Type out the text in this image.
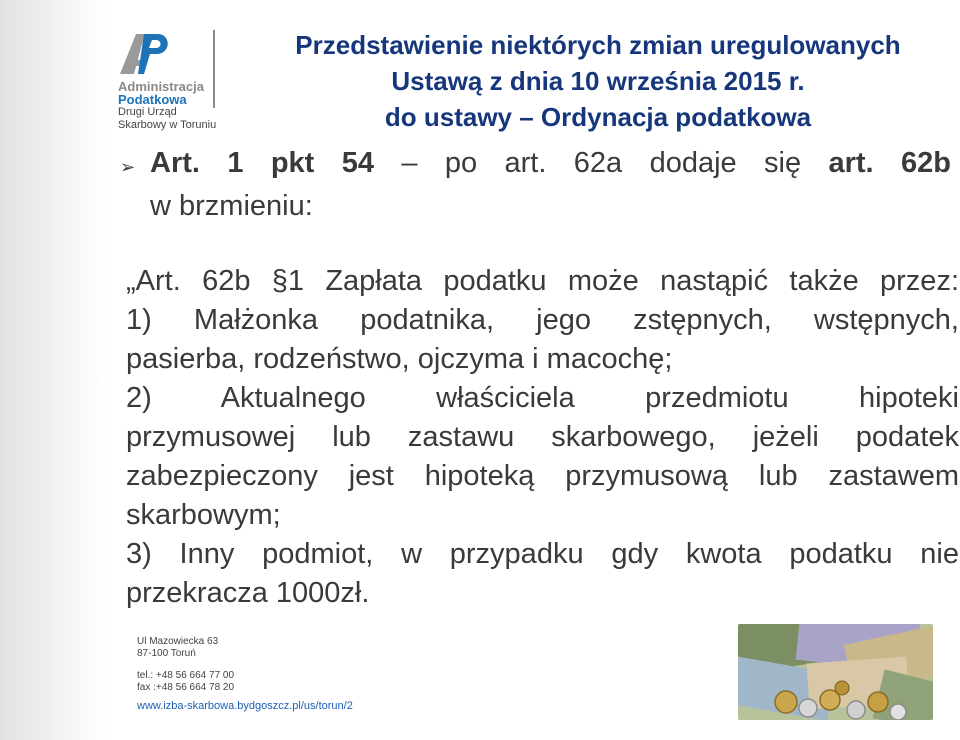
Administracja
Podatkowa
Drugi Urząd
Skarbowy w Toruniu
Przedstawienie niektórych zmian uregulowanych
Ustawą z dnia 10 września 2015 r.
do ustawy – Ordynacja podatkowa
➢ Art. 1 pkt 54 – po art. 62a dodaje się art. 62b
w brzmieniu:
„Art. 62b §1 Zapłata podatku może nastąpić także przez:
1) Małżonka podatnika, jego zstępnych, wstępnych,
pasierba, rodzeństwo, ojczyma i macochę;
2) Aktualnego właściciela przedmiotu hipoteki
przymusowej lub zastawu skarbowego, jeżeli podatek
zabezpieczony jest hipoteką przymusową lub zastawem
skarbowym;
3) Inny podmiot, w przypadku gdy kwota podatku nie
przekracza 1000zł.
Ul Mazowiecka 63
87-100 Toruń
tel.: +48 56 664 77 00
fax :+48 56 664 78 20
www.izba-skarbowa.bydgoszcz.pl/us/torun/2
